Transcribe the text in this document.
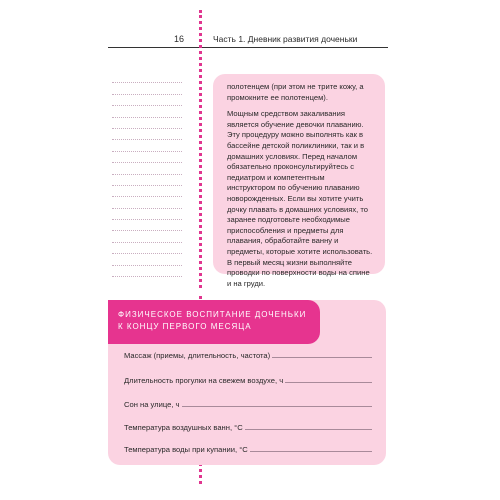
16	Часть 1. Дневник развития доченьки

полотенцем (при этом не трите кожу, а промокните ее полотенцем).

Мощным средством закаливания является обучение девочки плаванию. Эту процедуру можно выполнять как в бассейне детской поликлиники, так и в домашних условиях. Перед началом обязательно проконсультируйтесь с педиатром и компетентным инструктором по обучению плаванию новорожденных. Если вы хотите учить дочку плавать в домашних условиях, то заранее подготовьте необходимые приспособления и предметы для плавания, обработайте ванну и предметы, которые хотите использовать. В первый месяц жизни выполняйте проводки по поверхности воды на спине и на груди.

ФИЗИЧЕСКОЕ ВОСПИТАНИЕ ДОЧЕНЬКИ
К КОНЦУ ПЕРВОГО МЕСЯЦА
Массаж (приемы, длительность, частота)
Длительность прогулки на свежем воздухе, ч
Сон на улице, ч
Температура воздушных ванн, °С
Температура воды при купании, °С
